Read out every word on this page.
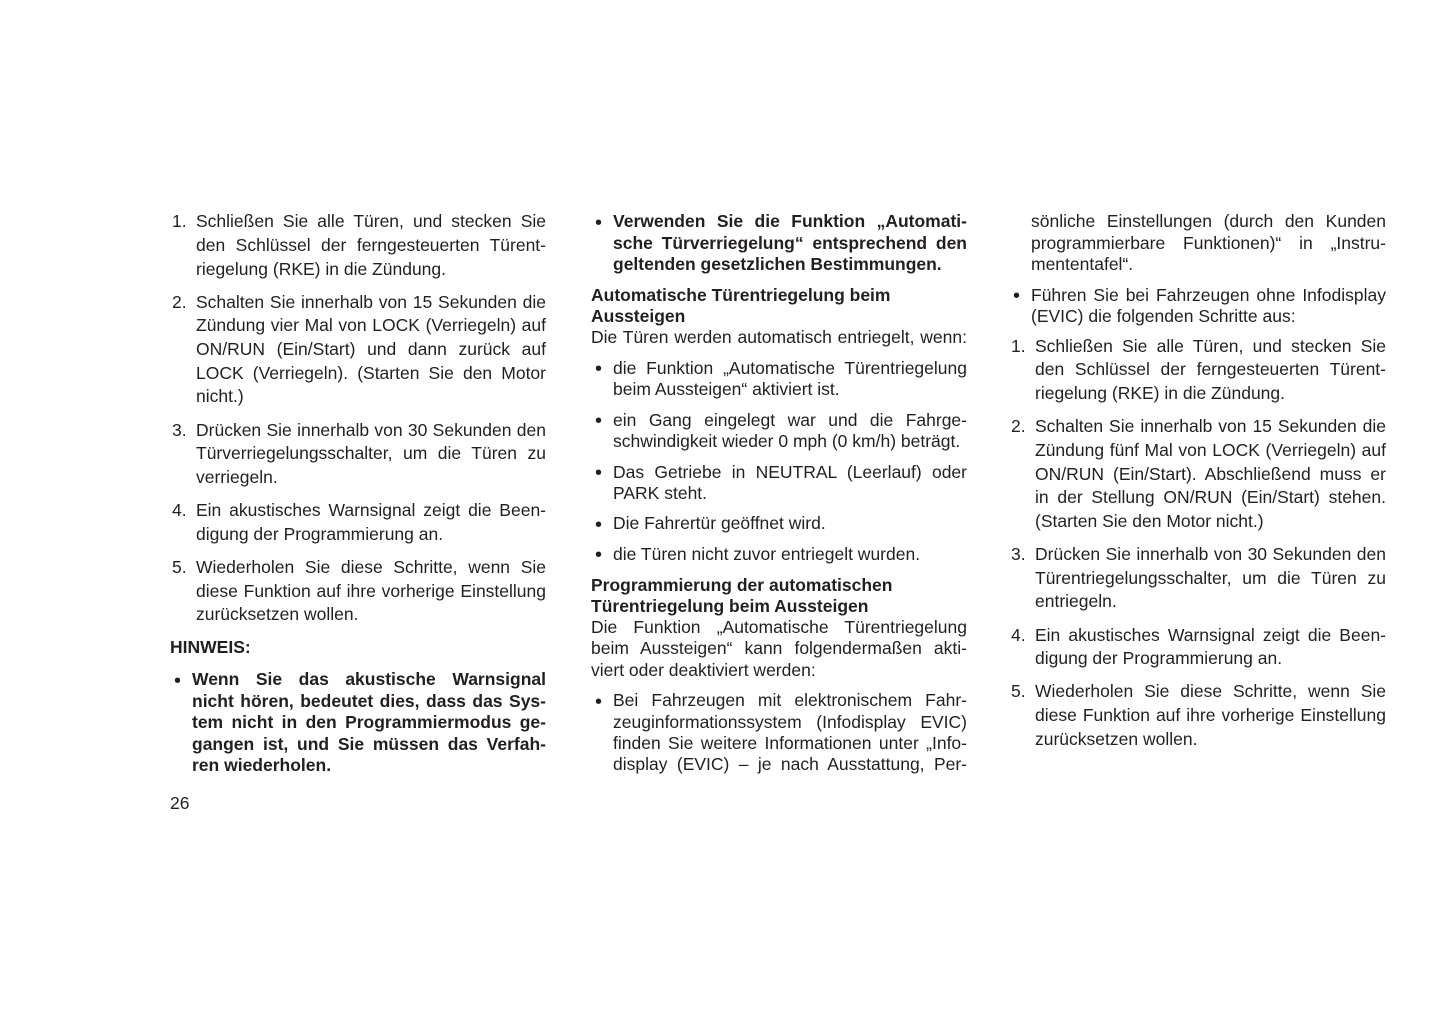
1. Schließen Sie alle Türen, und stecken Sie
den Schlüssel der ferngesteuerten Türent-
riegelung (RKE) in die Zündung.
2. Schalten Sie innerhalb von 15 Sekunden die
Zündung vier Mal von LOCK (Verriegeln) auf
ON/RUN (Ein/Start) und dann zurück auf
LOCK (Verriegeln). (Starten Sie den Motor
nicht.)
3. Drücken Sie innerhalb von 30 Sekunden den
Türverriegelungsschalter, um die Türen zu
verriegeln.
4. Ein akustisches Warnsignal zeigt die Been-
digung der Programmierung an.
5. Wiederholen Sie diese Schritte, wenn Sie
diese Funktion auf ihre vorherige Einstellung
zurücksetzen wollen.
HINWEIS:
• Wenn Sie das akustische Warnsignal
nicht hören, bedeutet dies, dass das Sys-
tem nicht in den Programmiermodus ge-
gangen ist, und Sie müssen das Verfah-
ren wiederholen.
26
• Verwenden Sie die Funktion „Automati-
sche Türverriegelung“ entsprechend den
geltenden gesetzlichen Bestimmungen.
Automatische Türentriegelung beim
Aussteigen
Die Türen werden automatisch entriegelt, wenn:
• die Funktion „Automatische Türentriegelung
beim Aussteigen“ aktiviert ist.
• ein Gang eingelegt war und die Fahrge-
schwindigkeit wieder 0 mph (0 km/h) beträgt.
• Das Getriebe in NEUTRAL (Leerlauf) oder
PARK steht.
• Die Fahrertür geöffnet wird.
• die Türen nicht zuvor entriegelt wurden.
Programmierung der automatischen
Türentriegelung beim Aussteigen
Die Funktion „Automatische Türentriegelung
beim Aussteigen“ kann folgendermaßen akti-
viert oder deaktiviert werden:
• Bei Fahrzeugen mit elektronischem Fahr-
zeuginformationssystem (Infodisplay EVIC)
finden Sie weitere Informationen unter „Info-
display (EVIC) – je nach Ausstattung, Per-
sönliche Einstellungen (durch den Kunden
programmierbare Funktionen)“ in „Instru-
mententafel“.
• Führen Sie bei Fahrzeugen ohne Infodisplay
(EVIC) die folgenden Schritte aus:
1. Schließen Sie alle Türen, und stecken Sie
den Schlüssel der ferngesteuerten Türent-
riegelung (RKE) in die Zündung.
2. Schalten Sie innerhalb von 15 Sekunden die
Zündung fünf Mal von LOCK (Verriegeln) auf
ON/RUN (Ein/Start). Abschließend muss er
in der Stellung ON/RUN (Ein/Start) stehen.
(Starten Sie den Motor nicht.)
3. Drücken Sie innerhalb von 30 Sekunden den
Türentriegelungsschalter, um die Türen zu
entriegeln.
4. Ein akustisches Warnsignal zeigt die Been-
digung der Programmierung an.
5. Wiederholen Sie diese Schritte, wenn Sie
diese Funktion auf ihre vorherige Einstellung
zurücksetzen wollen.
